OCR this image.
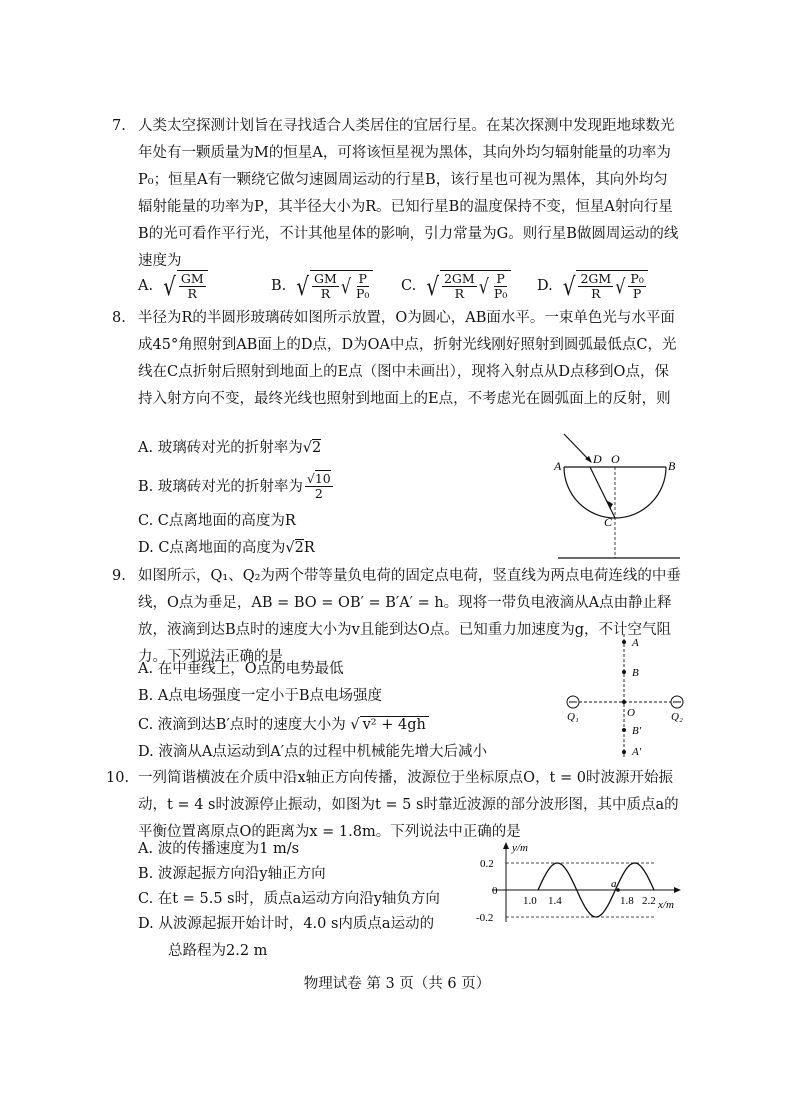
7. 人类太空探测计划旨在寻找适合人类居住的宜居行星。在某次探测中发现距地球数光年处有一颗质量为M的恒星A，可将该恒星视为黑体，其向外均匀辐射能量的功率为P₀；恒星A有一颗绕它做匀速圆周运动的行星B，该行星也可视为黑体，其向外均匀辐射能量的功率为P，其半径大小为R。已知行星B的温度保持不变，恒星A射向行星B的光可看作平行光，不计其他星体的影响，引力常量为G。则行星B做圆周运动的线速度为
A. √ $\frac{GM}{R}$	B. √ $\frac{GM}{R}$ √ $\frac{P}{\text{P₀}} C$. √ $\frac{2GM}{R}$ √ $\frac{P}{\text{P₀}} D$. √ $\frac{2GM}{R}$ √ $\frac{\text{P₀}}{P}$
8. 半径为R的半圆形玻璃砖如图所示放置，O为圆心，AB面水平。一束单色光与水平面成45°角照射到AB面上的D点，D为OA中点，折射光线刚好照射到圆弧最低点C，光线在C点折射后照射到地面上的E点（图中未画出），现将入射点从D点移到O点，保持入射方向不变，最终光线也照射到地面上的E点，不考虑光在圆弧面上的反射，则
A. 玻璃砖对光的折射率为√2
B. 玻璃砖对光的折射率为 $\frac{√10}{2}$
C. C点离地面的高度为R
D. C点离地面的高度为√2R
A	D O	B
C
9. 如图所示，Q₁、Q₂为两个带等量负电荷的固定点电荷，竖直线为两点电荷连线的中垂线，O点为垂足，AB = BO = OB′ = B′A′ = h。现将一带负电液滴从A点由静止释放，液滴到达B点时的速度大小为v且能到达O点。已知重力加速度为g，不计空气阻力。下列说法正确的是
A. 在中垂线上，O点的电势最低
B. A点电场强度一定小于B点电场强度
C. 液滴到达B′点时的速度大小为 √ v² + 4gh
D. 液滴从A点运动到A′点的过程中机械能先增大后减小
A
B
O
B′
A′
Q₁	Q₂
10. 一列简谐横波在介质中沿x轴正方向传播，波源位于坐标原点O，t = 0时波源开始振动，t = 4 s时波源停止振动，如图为t = 5 s时靠近波源的部分波形图，其中质点a的平衡位置离原点O的距离为x = 1.8m。下列说法中正确的是
A. 波的传播速度为1 m/s
B. 波源起振方向沿y轴正方向
C. 在t = 5.5 s时，质点a运动方向沿y轴负方向
D. 从波源起振开始计时，4.0 s内质点a运动的
总路程为2.2 m
y/m
x/m
0.2
0
-0.2
a
1.0 1.4	1.8 2.2
物理试卷 第 3 页（共 6 页）
